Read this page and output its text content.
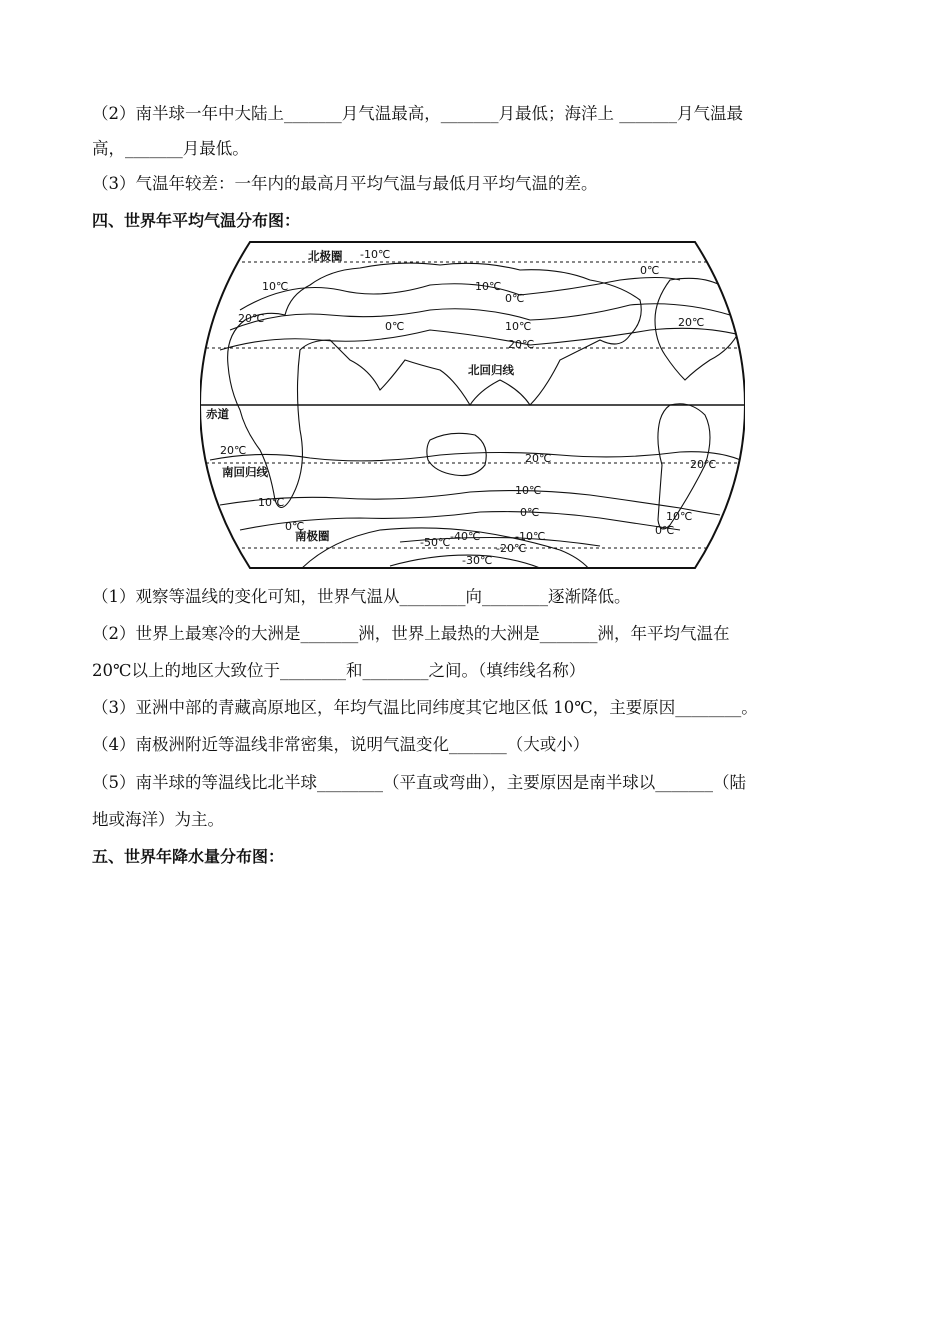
（2）南半球一年中大陆上_______月气温最高，_______月最低；海洋上 _______月气温最
高，_______月最低。
（3）气温年较差：一年内的最高月平均气温与最低月平均气温的差。
四、世界年平均气温分布图：
北极圈
北回归线
赤道
南回归线
南极圈
20℃
10℃
0℃	10℃
0℃
10℃
20℃
0℃
20℃
-10℃
20℃
20℃	20℃
10℃
10℃
10℃
0℃
0℃
0℃
-10℃
-50℃ -40℃
-20℃
-30℃
（1）观察等温线的变化可知，世界气温从________向________逐渐降低。
（2）世界上最寒冷的大洲是_______洲，世界上最热的大洲是_______洲，年平均气温在
20℃以上的地区大致位于________和________之间。（填纬线名称）
（3）亚洲中部的青藏高原地区，年均气温比同纬度其它地区低 10℃，主要原因________。
（4）南极洲附近等温线非常密集，说明气温变化_______（大或小）
（5）南半球的等温线比北半球________（平直或弯曲），主要原因是南半球以_______（陆
地或海洋）为主。
五、世界年降水量分布图：
